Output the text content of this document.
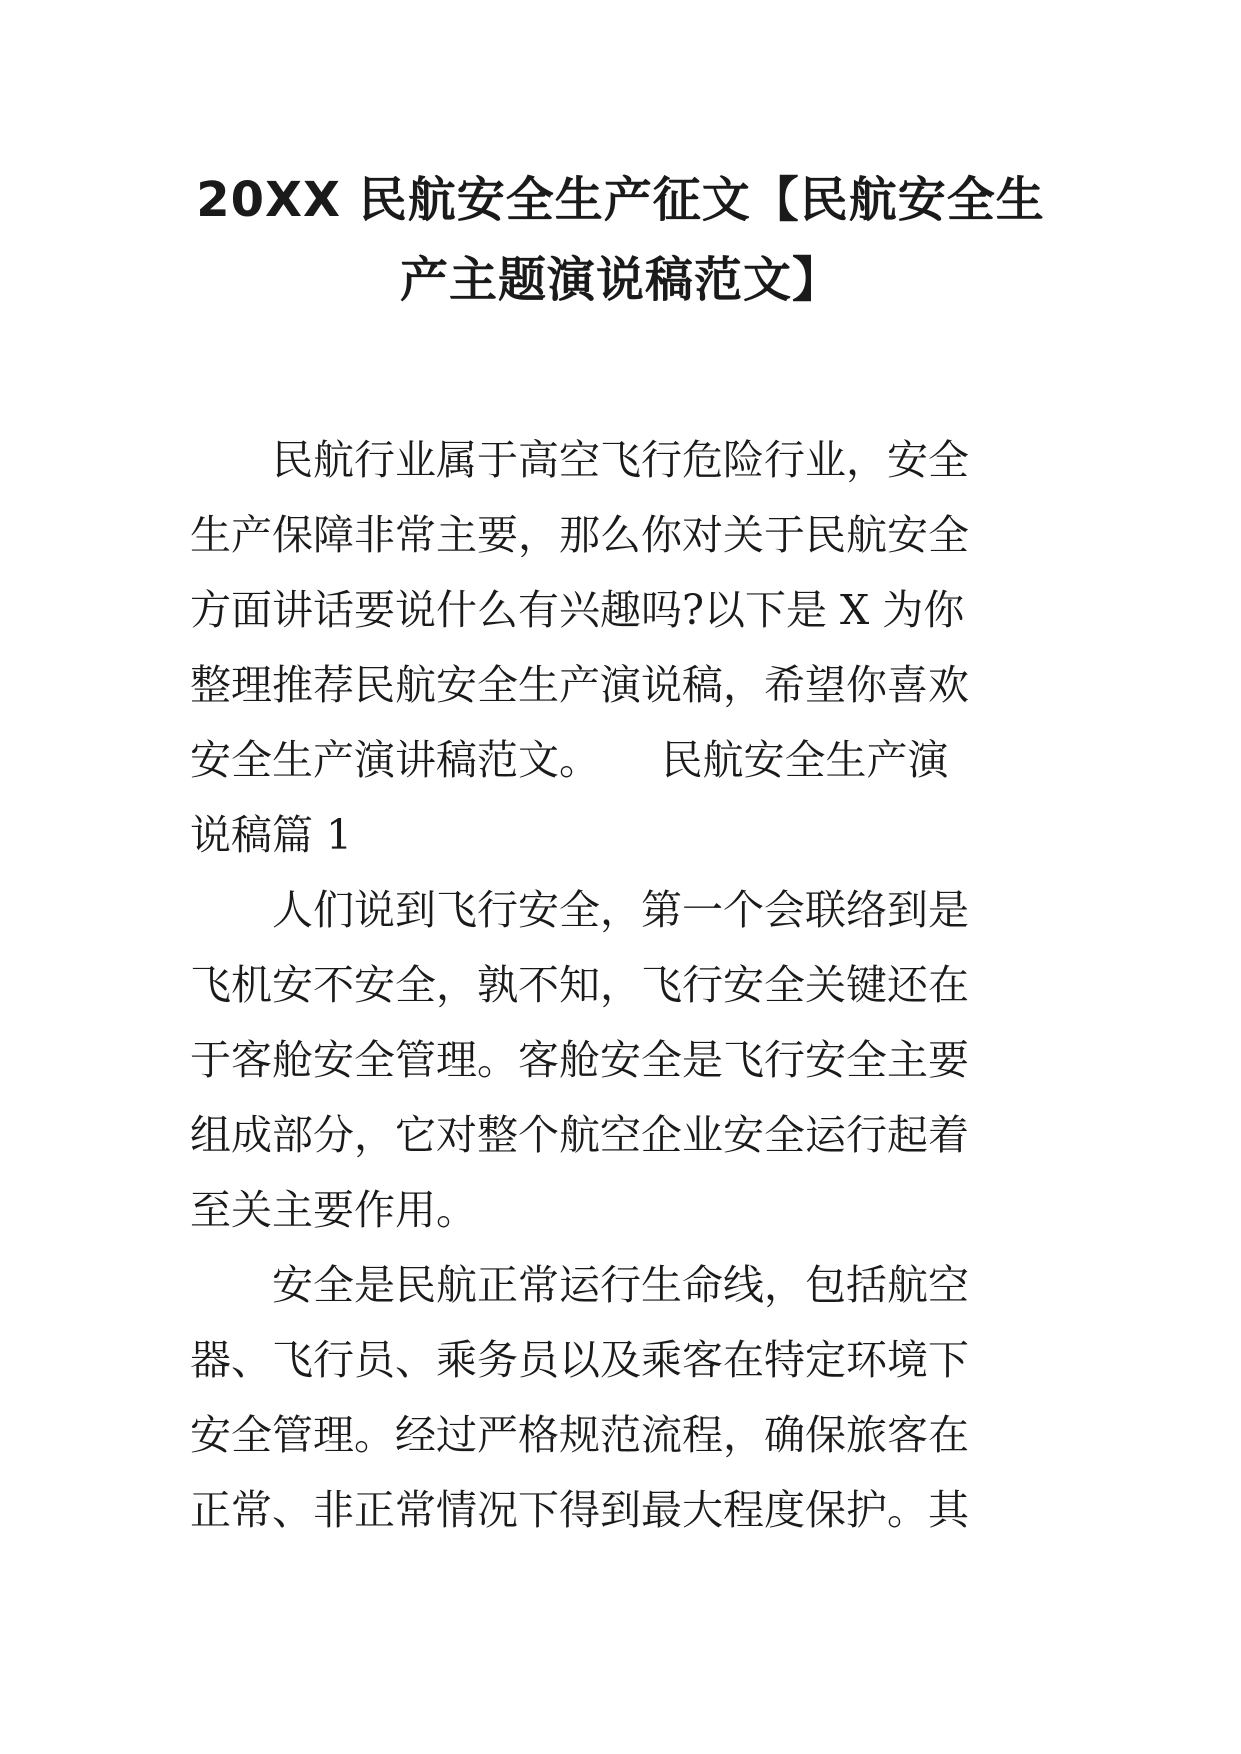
20XX 民航安全生产征文【民航安全生
产主题演说稿范文】

民航行业属于高空飞行危险行业，安全
生产保障非常主要，那么你对关于民航安全
方面讲话要说什么有兴趣吗?以下是 X 为你
整理推荐民航安全生产演说稿，希望你喜欢
安全生产演讲稿范文。　　民航安全生产演
说稿篇 1

人们说到飞行安全，第一个会联络到是
飞机安不安全，孰不知，飞行安全关键还在
于客舱安全管理。客舱安全是飞行安全主要
组成部分，它对整个航空企业安全运行起着
至关主要作用。

安全是民航正常运行生命线，包括航空
器、飞行员、乘务员以及乘客在特定环境下
安全管理。经过严格规范流程，确保旅客在
正常、非正常情况下得到最大程度保护。其
